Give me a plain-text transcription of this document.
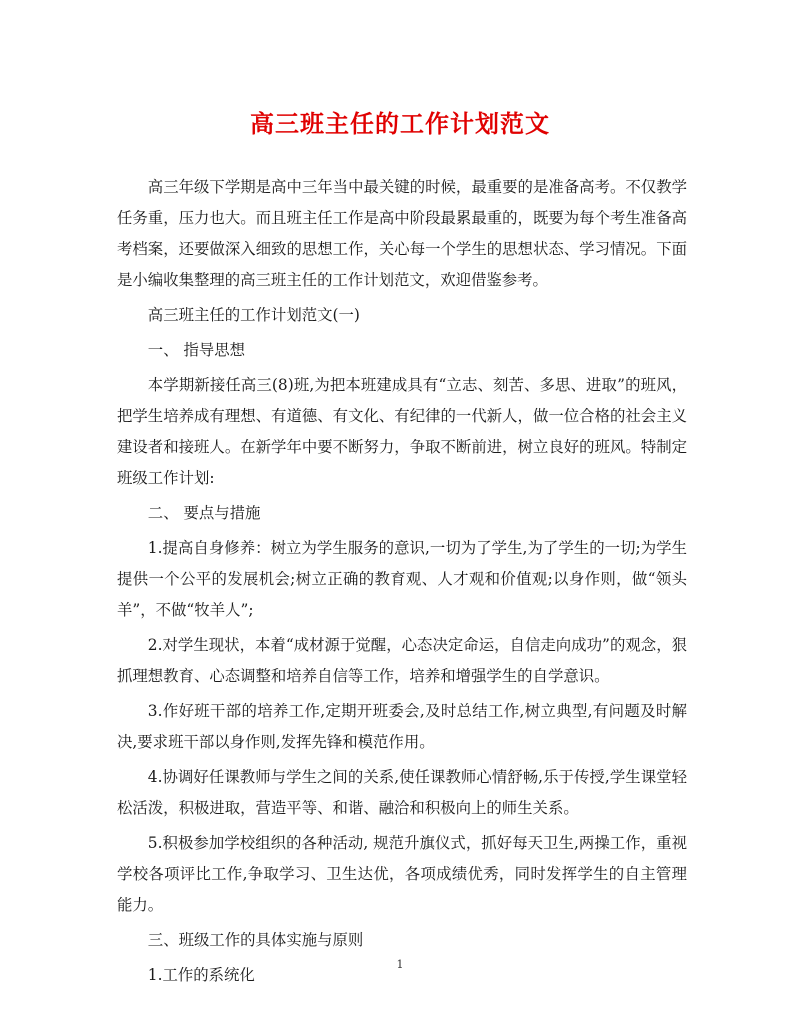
高三班主任的工作计划范文

高三年级下学期是高中三年当中最关键的时候，最重要的是准备高考。不仅教学任务重，压力也大。而且班主任工作是高中阶段最累最重的，既要为每个考生准备高考档案，还要做深入细致的思想工作，关心每一个学生的思想状态、学习情况。下面是小编收集整理的高三班主任的工作计划范文，欢迎借鉴参考。

高三班主任的工作计划范文(一)

一、 指导思想

本学期新接任高三(8)班,为把本班建成具有“立志、刻苦、多思、进取”的班风，把学生培养成有理想、有道德、有文化、有纪律的一代新人，做一位合格的社会主义建设者和接班人。在新学年中要不断努力，争取不断前进，树立良好的班风。特制定班级工作计划:

二、 要点与措施

1.提高自身修养：树立为学生服务的意识,一切为了学生,为了学生的一切;为学生提供一个公平的发展机会;树立正确的教育观、人才观和价值观;以身作则，做“领头羊”，不做“牧羊人”;

2.对学生现状，本着“成材源于觉醒，心态决定命运，自信走向成功”的观念，狠抓理想教育、心态调整和培养自信等工作，培养和增强学生的自学意识。

3.作好班干部的培养工作,定期开班委会,及时总结工作,树立典型,有问题及时解决,要求班干部以身作则,发挥先锋和模范作用。

4.协调好任课教师与学生之间的关系,使任课教师心情舒畅,乐于传授,学生课堂轻松活泼，积极进取，营造平等、和谐、融洽和积极向上的师生关系。

5.积极参加学校组织的各种活动, 规范升旗仪式，抓好每天卫生,两操工作，重视学校各项评比工作,争取学习、卫生达优，各项成绩优秀，同时发挥学生的自主管理能力。

三、班级工作的具体实施与原则

1.工作的系统化

1
